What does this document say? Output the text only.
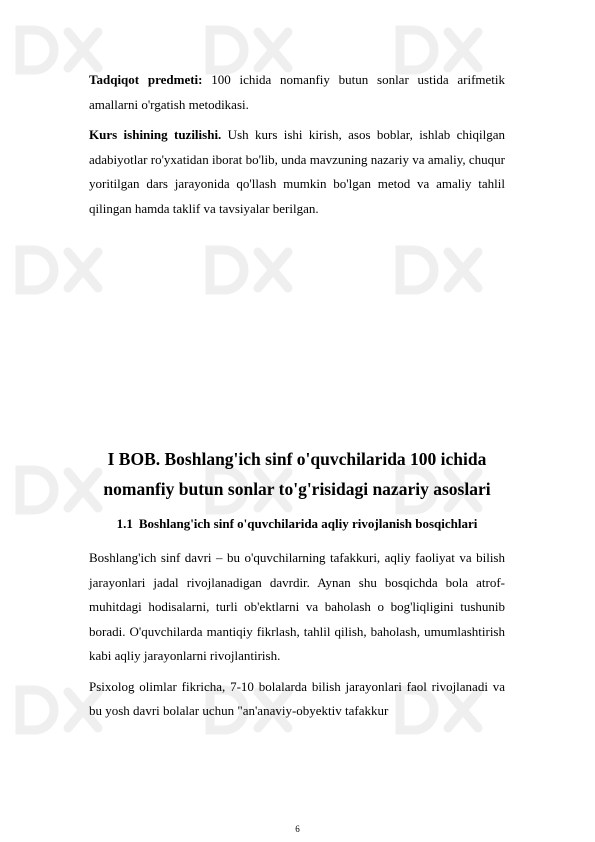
Tadqiqot predmeti: 100 ichida nomanfiy butun sonlar ustida arifmetik amallarni o'rgatish metodikasi.

Kurs ishining tuzilishi. Ush kurs ishi kirish, asos boblar, ishlab chiqilgan adabiyotlar ro'yxatidan iborat bo'lib, unda mavzuning nazariy va amaliy, chuqur yoritilgan dars jarayonida qo'llash mumkin bo'lgan metod va amaliy tahlil qilingan hamda taklif va tavsiyalar berilgan.

I BOB. Boshlang'ich sinf o'quvchilarida 100 ichida nomanfiy butun sonlar to'g'risidagi nazariy asoslari
1.1 Boshlang'ich sinf o'quvchilarida aqliy rivojlanish bosqichlari

Boshlang'ich sinf davri – bu o'quvchilarning tafakkuri, aqliy faoliyat va bilish jarayonlari jadal rivojlanadigan davrdir. Aynan shu bosqichda bola atrof-muhitdagi hodisalarni, turli ob'ektlarni va baholash o bog'liqligini tushunib boradi. O'quvchilarda mantiqiy fikrlash, tahlil qilish, baholash, umumlashtirish kabi aqliy jarayonlarni rivojlantirish.

Psixolog olimlar fikricha, 7-10 bolalarda bilish jarayonlari faol rivojlanadi va bu yosh davri bolalar uchun "an'anaviy-obyektiv tafakkur

6
